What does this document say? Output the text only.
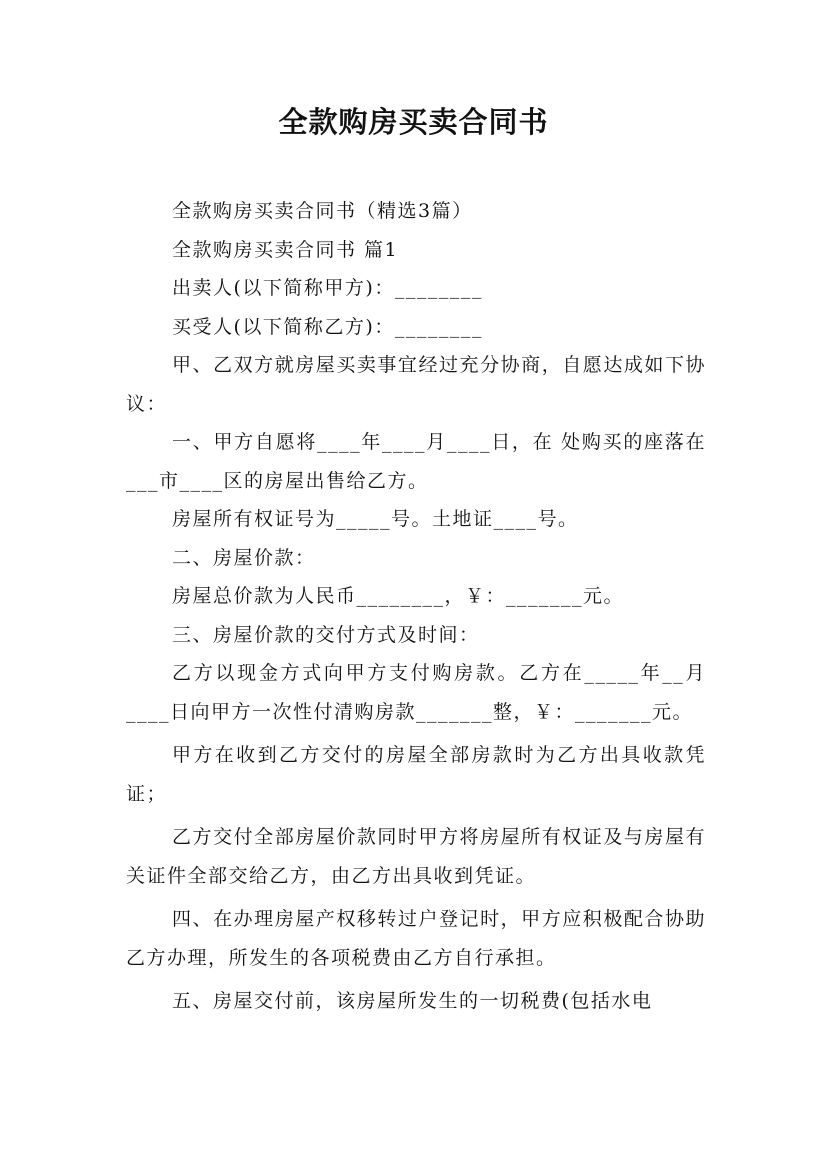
全款购房买卖合同书

全款购房买卖合同书（精选3篇）

全款购房买卖合同书 篇1

出卖人(以下简称甲方)：________

买受人(以下简称乙方)：________

甲、乙双方就房屋买卖事宜经过充分协商，自愿达成如下协议：

一、甲方自愿将____年____月____日，在 处购买的座落在___市____区的房屋出售给乙方。

房屋所有权证号为_____号。土地证____号。

二、房屋价款：

房屋总价款为人民币________，￥：_______元。

三、房屋价款的交付方式及时间：

乙方以现金方式向甲方支付购房款。乙方在_____年__月____日向甲方一次性付清购房款_______整，￥：_______元。

甲方在收到乙方交付的房屋全部房款时为乙方出具收款凭证；

乙方交付全部房屋价款同时甲方将房屋所有权证及与房屋有关证件全部交给乙方，由乙方出具收到凭证。

四、在办理房屋产权移转过户登记时，甲方应积极配合协助乙方办理，所发生的各项税费由乙方自行承担。

五、房屋交付前，该房屋所发生的一切税费(包括水电
